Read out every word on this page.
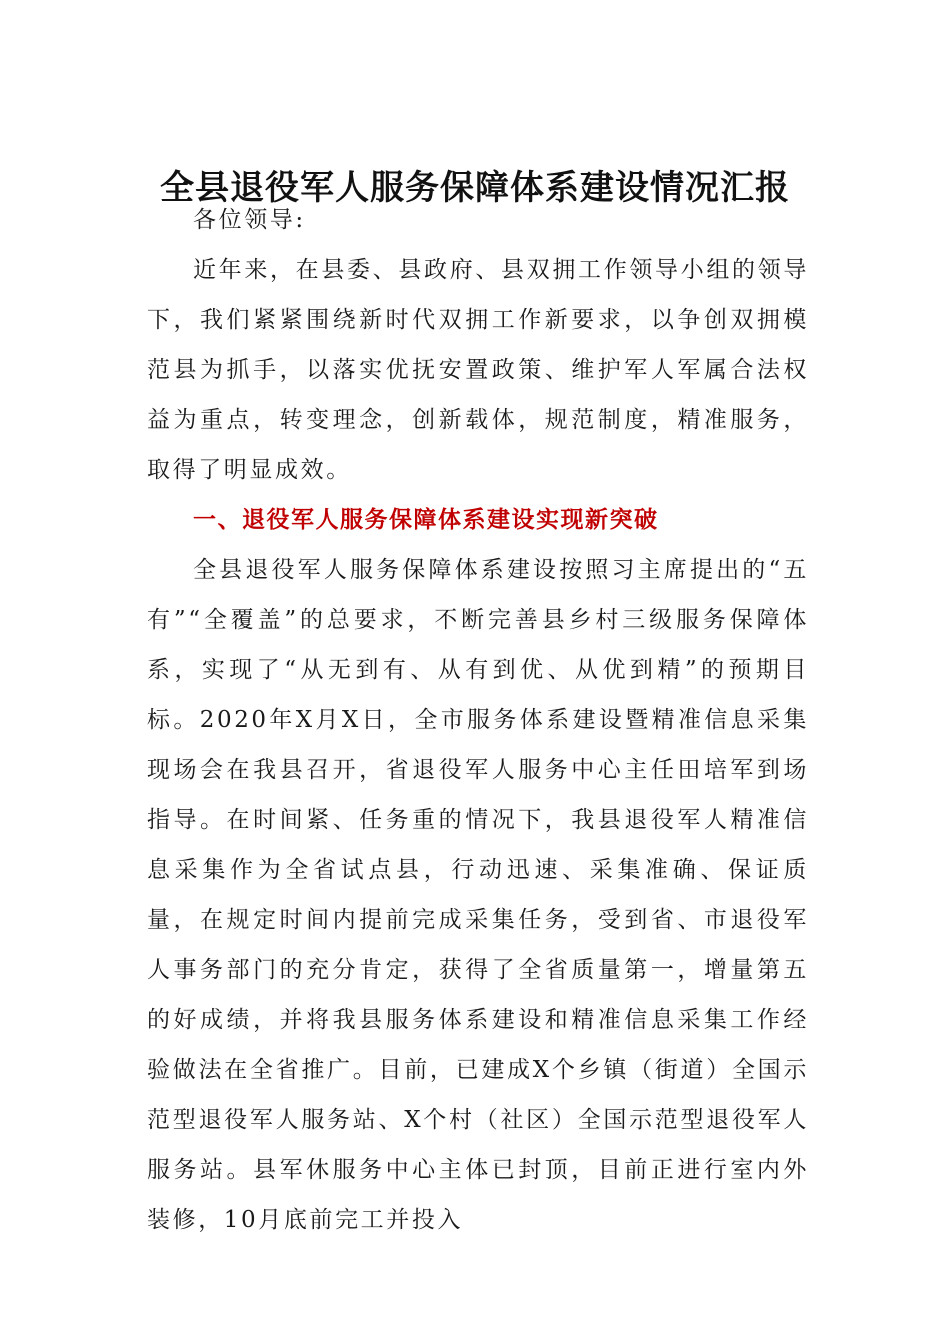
全县退役军人服务保障体系建设情况汇报

各位领导:

近年来，在县委、县政府、县双拥工作领导小组的领导下，我们紧紧围绕新时代双拥工作新要求，以争创双拥模范县为抓手，以落实优抚安置政策、维护军人军属合法权益为重点，转变理念，创新载体，规范制度，精准服务，取得了明显成效。

一、退役军人服务保障体系建设实现新突破

全县退役军人服务保障体系建设按照习主席提出的“五有”“全覆盖”的总要求，不断完善县乡村三级服务保障体系，实现了“从无到有、从有到优、从优到精”的预期目标。2020年X月X日，全市服务体系建设暨精准信息采集现场会在我县召开，省退役军人服务中心主任田培军到场指导。在时间紧、任务重的情况下，我县退役军人精准信息采集作为全省试点县，行动迅速、采集准确、保证质量，在规定时间内提前完成采集任务，受到省、市退役军人事务部门的充分肯定，获得了全省质量第一，增量第五的好成绩，并将我县服务体系建设和精准信息采集工作经验做法在全省推广。目前，已建成X个乡镇（街道）全国示范型退役军人服务站、X个村（社区）全国示范型退役军人服务站。县军休服务中心主体已封顶，目前正进行室内外装修，10月底前完工并投入
